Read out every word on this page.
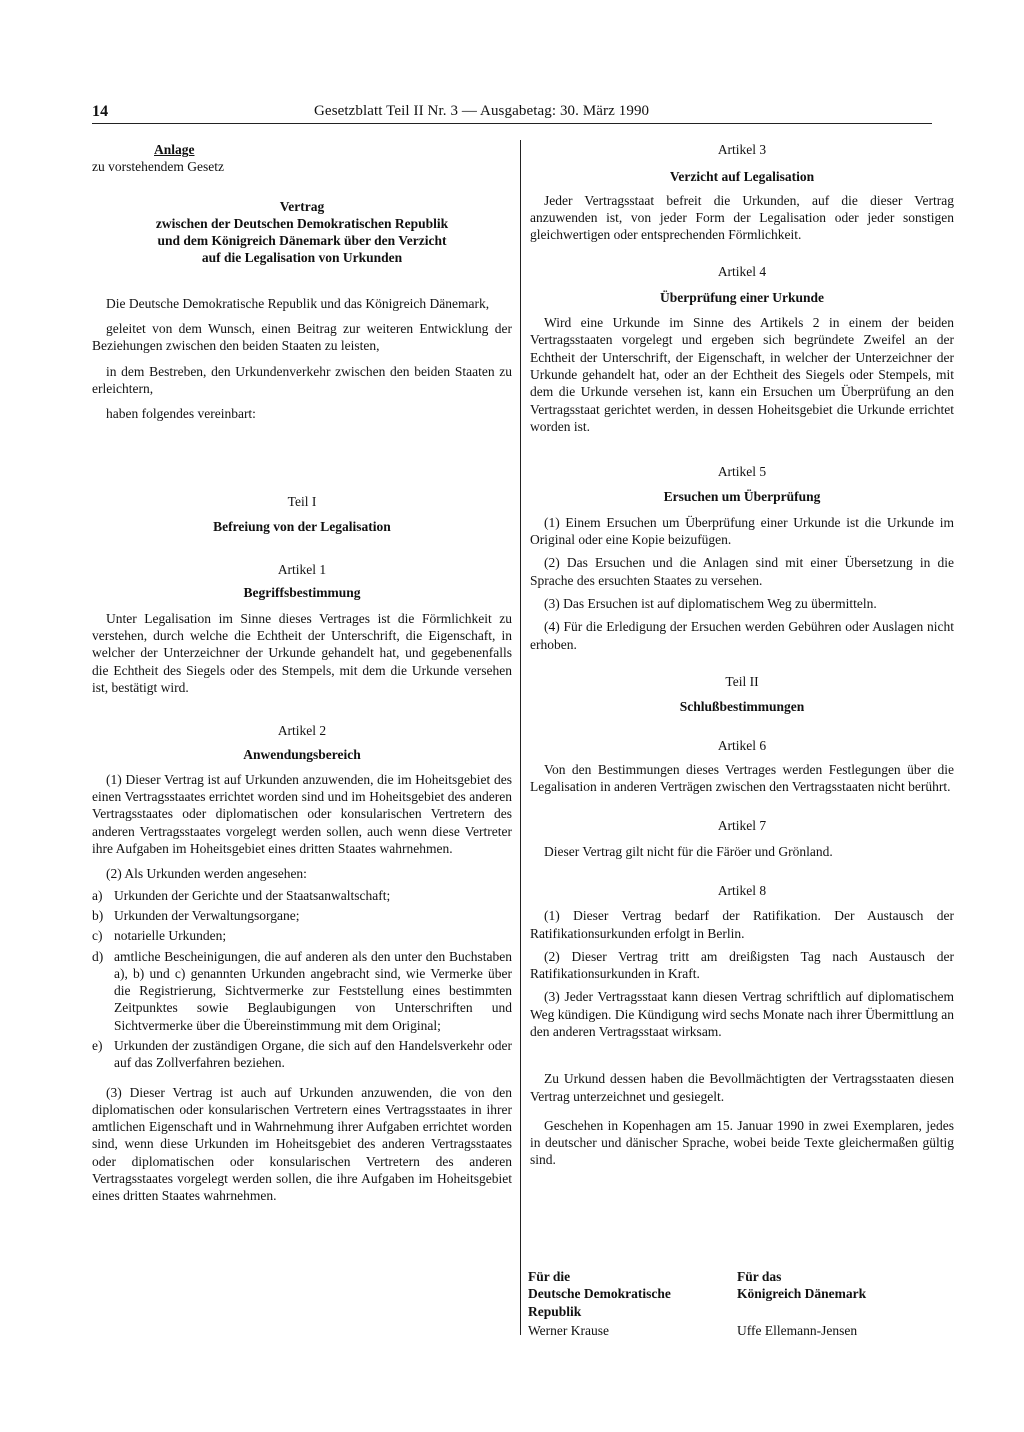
14	Gesetzblatt Teil II Nr. 3 — Ausgabetag: 30. März 1990

Anlage

zu vorstehendem Gesetz

Vertrag

zwischen der Deutschen Demokratischen Republik

und dem Königreich Dänemark über den Verzicht

auf die Legalisation von Urkunden

Die Deutsche Demokratische Republik und das Königreich Dänemark,

geleitet von dem Wunsch, einen Beitrag zur weiteren Entwicklung der Beziehungen zwischen den beiden Staaten zu leisten,

in dem Bestreben, den Urkundenverkehr zwischen den beiden Staaten zu erleichtern,

haben folgendes vereinbart:

Teil I

Befreiung von der Legalisation

Artikel 1

Begriffsbestimmung

Unter Legalisation im Sinne dieses Vertrages ist die Förmlichkeit zu verstehen, durch welche die Echtheit der Unterschrift, die Eigenschaft, in welcher der Unterzeichner der Urkunde gehandelt hat, und gegebenenfalls die Echtheit des Siegels oder des Stempels, mit dem die Urkunde versehen ist, bestätigt wird.

Artikel 2

Anwendungsbereich

(1) Dieser Vertrag ist auf Urkunden anzuwenden, die im Hoheitsgebiet des einen Vertragsstaates errichtet worden sind und im Hoheitsgebiet des anderen Vertragsstaates oder diplomatischen oder konsularischen Vertretern des anderen Vertragsstaates vorgelegt werden sollen, auch wenn diese Vertreter ihre Aufgaben im Hoheitsgebiet eines dritten Staates wahrnehmen.

(2) Als Urkunden werden angesehen:

a) Urkunden der Gerichte und der Staatsanwaltschaft;
b) Urkunden der Verwaltungsorgane;
c) notarielle Urkunden;
d) amtliche Bescheinigungen, die auf anderen als den unter den Buchstaben a), b) und c) genannten Urkunden angebracht sind, wie Vermerke über die Registrierung, Sichtvermerke zur Feststellung eines bestimmten Zeitpunktes sowie Beglaubigungen von Unterschriften und Sichtvermerke über die Übereinstimmung mit dem Original;
e) Urkunden der zuständigen Organe, die sich auf den Handelsverkehr oder auf das Zollverfahren beziehen.

(3) Dieser Vertrag ist auch auf Urkunden anzuwenden, die von den diplomatischen oder konsularischen Vertretern eines Vertragsstaates in ihrer amtlichen Eigenschaft und in Wahrnehmung ihrer Aufgaben errichtet worden sind, wenn diese Urkunden im Hoheitsgebiet des anderen Vertragsstaates oder diplomatischen oder konsularischen Vertretern des anderen Vertragsstaates vorgelegt werden sollen, die ihre Aufgaben im Hoheitsgebiet eines dritten Staates wahrnehmen.

Artikel 3

Verzicht auf Legalisation

Jeder Vertragsstaat befreit die Urkunden, auf die dieser Vertrag anzuwenden ist, von jeder Form der Legalisation oder jeder sonstigen gleichwertigen oder entsprechenden Förmlichkeit.

Artikel 4

Überprüfung einer Urkunde

Wird eine Urkunde im Sinne des Artikels 2 in einem der beiden Vertragsstaaten vorgelegt und ergeben sich begründete Zweifel an der Echtheit der Unterschrift, der Eigenschaft, in welcher der Unterzeichner der Urkunde gehandelt hat, oder an der Echtheit des Siegels oder Stempels, mit dem die Urkunde versehen ist, kann ein Ersuchen um Überprüfung an den Vertragsstaat gerichtet werden, in dessen Hoheitsgebiet die Urkunde errichtet worden ist.

Artikel 5

Ersuchen um Überprüfung

(1) Einem Ersuchen um Überprüfung einer Urkunde ist die Urkunde im Original oder eine Kopie beizufügen.

(2) Das Ersuchen und die Anlagen sind mit einer Übersetzung in die Sprache des ersuchten Staates zu versehen.

(3) Das Ersuchen ist auf diplomatischem Weg zu übermitteln.

(4) Für die Erledigung der Ersuchen werden Gebühren oder Auslagen nicht erhoben.

Teil II

Schlußbestimmungen

Artikel 6

Von den Bestimmungen dieses Vertrages werden Festlegungen über die Legalisation in anderen Verträgen zwischen den Vertragsstaaten nicht berührt.

Artikel 7

Dieser Vertrag gilt nicht für die Färöer und Grönland.

Artikel 8

(1) Dieser Vertrag bedarf der Ratifikation. Der Austausch der Ratifikationsurkunden erfolgt in Berlin.

(2) Dieser Vertrag tritt am dreißigsten Tag nach Austausch der Ratifikationsurkunden in Kraft.

(3) Jeder Vertragsstaat kann diesen Vertrag schriftlich auf diplomatischem Weg kündigen. Die Kündigung wird sechs Monate nach ihrer Übermittlung an den anderen Vertragsstaat wirksam.

Zu Urkund dessen haben die Bevollmächtigten der Vertragsstaaten diesen Vertrag unterzeichnet und gesiegelt.

Geschehen in Kopenhagen am 15. Januar 1990 in zwei Exemplaren, jedes in deutscher und dänischer Sprache, wobei beide Texte gleichermaßen gültig sind.

Für die

Deutsche Demokratische

Republik

Werner Krause

Für das

Königreich Dänemark

Uffe Ellemann-Jensen
